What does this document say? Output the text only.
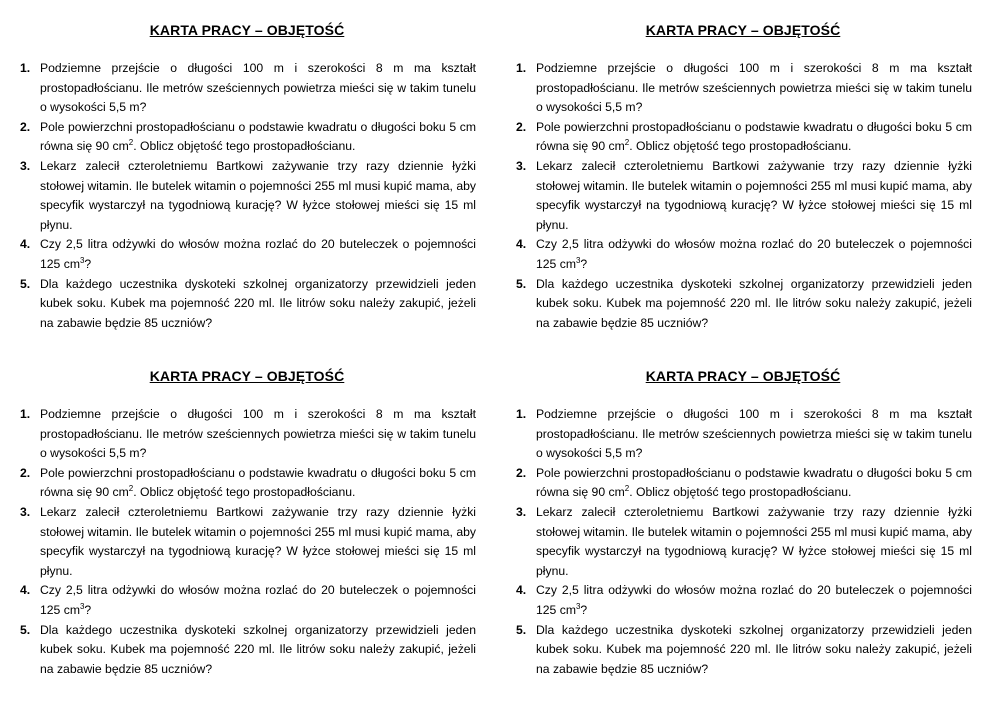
KARTA PRACY – OBJĘTOŚĆ
1. Podziemne przejście o długości 100 m i szerokości 8 m ma kształt prostopadłościanu. Ile metrów sześciennych powietrza mieści się w takim tunelu o wysokości 5,5 m?
2. Pole powierzchni prostopadłościanu o podstawie kwadratu o długości boku 5 cm równa się 90 $cm^2$. Oblicz objętość tego prostopadłościanu.
3. Lekarz zalecił czteroletniemu Bartkowi zażywanie trzy razy dziennie łyżki stołowej witamin. Ile butelek witamin o pojemności 255 ml musi kupić mama, aby specyfik wystarczył na tygodniową kurację? W łyżce stołowej mieści się 15 ml płynu.
4. Czy 2,5 litra odżywki do włosów można rozlać do 20 buteleczek o pojemności 125 $cm^3$?
5. Dla każdego uczestnika dyskoteki szkolnej organizatorzy przewidzieli jeden kubek soku. Kubek ma pojemność 220 ml. Ile litrów soku należy zakupić, jeżeli na zabawie będzie 85 uczniów?
KARTA PRACY – OBJĘTOŚĆ
1. Podziemne przejście o długości 100 m i szerokości 8 m ma kształt prostopadłościanu. Ile metrów sześciennych powietrza mieści się w takim tunelu o wysokości 5,5 m?
2. Pole powierzchni prostopadłościanu o podstawie kwadratu o długości boku 5 cm równa się 90 $cm^2$. Oblicz objętość tego prostopadłościanu.
3. Lekarz zalecił czteroletniemu Bartkowi zażywanie trzy razy dziennie łyżki stołowej witamin. Ile butelek witamin o pojemności 255 ml musi kupić mama, aby specyfik wystarczył na tygodniową kurację? W łyżce stołowej mieści się 15 ml płynu.
4. Czy 2,5 litra odżywki do włosów można rozlać do 20 buteleczek o pojemności 125 $cm^3$?
5. Dla każdego uczestnika dyskoteki szkolnej organizatorzy przewidzieli jeden kubek soku. Kubek ma pojemność 220 ml. Ile litrów soku należy zakupić, jeżeli na zabawie będzie 85 uczniów?
KARTA PRACY – OBJĘTOŚĆ
1. Podziemne przejście o długości 100 m i szerokości 8 m ma kształt prostopadłościanu. Ile metrów sześciennych powietrza mieści się w takim tunelu o wysokości 5,5 m?
2. Pole powierzchni prostopadłościanu o podstawie kwadratu o długości boku 5 cm równa się 90 $cm^2$. Oblicz objętość tego prostopadłościanu.
3. Lekarz zalecił czteroletniemu Bartkowi zażywanie trzy razy dziennie łyżki stołowej witamin. Ile butelek witamin o pojemności 255 ml musi kupić mama, aby specyfik wystarczył na tygodniową kurację? W łyżce stołowej mieści się 15 ml płynu.
4. Czy 2,5 litra odżywki do włosów można rozlać do 20 buteleczek o pojemności 125 $cm^3$?
5. Dla każdego uczestnika dyskoteki szkolnej organizatorzy przewidzieli jeden kubek soku. Kubek ma pojemność 220 ml. Ile litrów soku należy zakupić, jeżeli na zabawie będzie 85 uczniów?
KARTA PRACY – OBJĘTOŚĆ
1. Podziemne przejście o długości 100 m i szerokości 8 m ma kształt prostopadłościanu. Ile metrów sześciennych powietrza mieści się w takim tunelu o wysokości 5,5 m?
2. Pole powierzchni prostopadłościanu o podstawie kwadratu o długości boku 5 cm równa się 90 $cm^2$. Oblicz objętość tego prostopadłościanu.
3. Lekarz zalecił czteroletniemu Bartkowi zażywanie trzy razy dziennie łyżki stołowej witamin. Ile butelek witamin o pojemności 255 ml musi kupić mama, aby specyfik wystarczył na tygodniową kurację? W łyżce stołowej mieści się 15 ml płynu.
4. Czy 2,5 litra odżywki do włosów można rozlać do 20 buteleczek o pojemności 125 $cm^3$?
5. Dla każdego uczestnika dyskoteki szkolnej organizatorzy przewidzieli jeden kubek soku. Kubek ma pojemność 220 ml. Ile litrów soku należy zakupić, jeżeli na zabawie będzie 85 uczniów?
